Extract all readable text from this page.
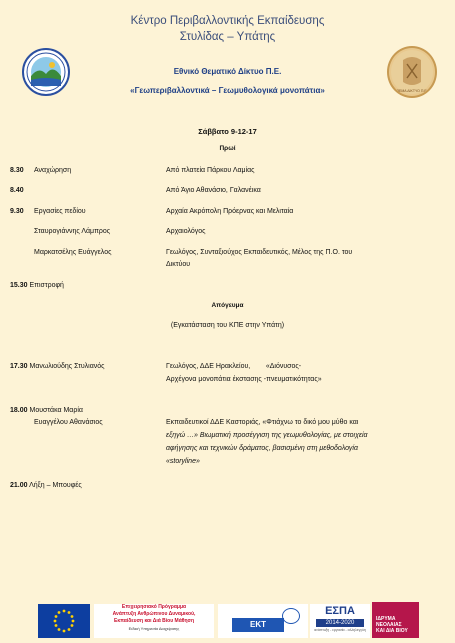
Κέντρο Περιβαλλοντικής Εκπαίδευσης
Στυλίδας – Υπάτης
ΘΕΜΑ ΔΙΚΤΥΟ Π.Ε.
Εθνικό Θεματικό Δίκτυο Π.Ε.
«Γεωπεριβαλλοντικά – Γεωμυθολογικά μονοπάτια»
Σάββατο 9-12-17
Πρωί
8.30 Αναχώρηση	Από πλατεία Πάρκου Λαμίας
8.40	Από Άγιο Αθανάσιο, Γαλανέικα
9.30 Εργασίες πεδίου	Αρχαία Ακρόπολη Πρόερνας και Μελιταία
Σταυρογιάννης Λάμπρος	Αρχαιολόγος
Μαρκατσέλης Ευάγγελος	Γεωλόγος, Συνταξιούχος Εκπαιδευτικός, Μέλος της Π.Ο. του
Δικτύου
15.30 Επιστροφή
Απόγευμα
(Εγκατάσταση του ΚΠΕ στην Υπάτη)
17.30 Μανωλιούδης Στυλιανός	Γεωλόγος, ΔΔΕ Ηρακλείου,        «Διόνυσος-
Αρχέγονα μονοπάτια έκστασης -πνευματικότητας»
18.00 Μουστάκα Μαρία
Ευαγγέλου Αθανάσιος	Εκπαιδευτικοί ΔΔΕ Καστοριάς, «Φτιάχνω το δικό μου μύθο και
εξηγώ …» Βιωματική προσέγγιση της γεωμυθολογίας, με στοιχεία
αφήγησης και τεχνικών δράματος, βασισμένη στη μεθοδολογία
«storyline»
21.00 Λήξη – Μπουφές
Επιχειρησιακό Πρόγραμμα
Ανάπτυξη Ανθρώπινου Δυναμικού,
Εκπαίδευση και Διά Βίου Μάθηση
Ειδική Υπηρεσία Διαχείρισης	ΕΚΤ
ΕΣΠΑ
2014-2020
ανάπτυξη - εργασία - αλληλεγγύη
ΙΔΡΥΜΑ
ΝΕΟΛΑΙΑΣ
ΚΑΙ ΔΙΑ ΒΙΟΥ
